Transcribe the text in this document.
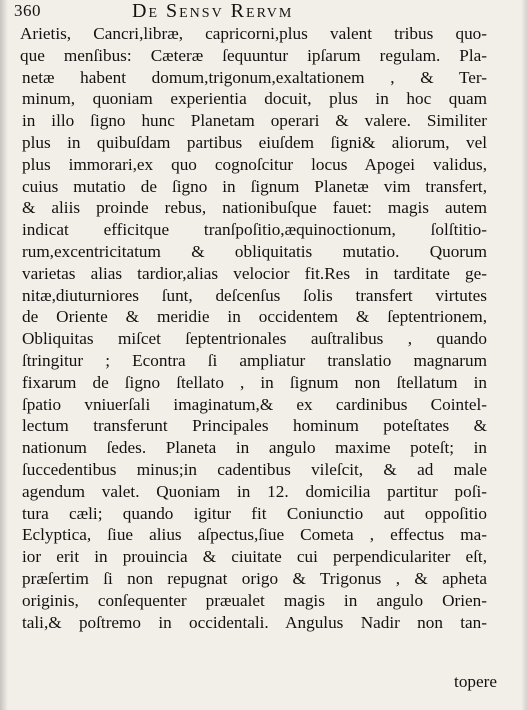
360	De Sensv Rervm
Arietis, Cancri,libræ, capricorni,plus valent tribus quo-
que menſibus: Cæteræ ſequuntur ipſarum regulam. Pla-
netæ habent domum,trigonum,exaltationem , & Ter-
minum, quoniam experientia docuit, plus in hoc quam
in illo ſigno hunc Planetam operari & valere. Similiter
plus in quibuſdam partibus eiuſdem ſigni& aliorum, vel
plus immorari,ex quo cognoſcitur locus Apogei validus,
cuius mutatio de ſigno in ſignum Planetæ vim transfert,
& aliis proinde rebus, nationibuſque fauet: magis autem
indicat efficitque tranſpoſitio,æquinoctionum, ſolſtitio-
rum,excentricitatum & obliquitatis mutatio. Quorum
varietas alias tardior,alias velocior fit.Res in tarditate ge-
nitæ,diuturniores ſunt, deſcenſus ſolis transfert virtutes
de Oriente & meridie in occidentem & ſeptentrionem,
Obliquitas miſcet ſeptentrionales auſtralibus , quando
ſtringitur ; Econtra ſi ampliatur translatio magnarum
fixarum de ſigno ſtellato , in ſignum non ſtellatum in
ſpatio vniuerſali imaginatum,& ex cardinibus Cointel-
lectum transferunt Principales hominum poteſtates &
nationum ſedes. Planeta in angulo maxime poteſt; in
ſuccedentibus minus;in cadentibus vileſcit, & ad male
agendum valet. Quoniam in 12. domicilia partitur poſi-
tura cæli; quando igitur fit Coniunctio aut oppoſitio
Eclyptica, ſiue alius aſpectus,ſiue Cometa , effectus ma-
ior erit in prouincia & ciuitate cui perpendiculariter eſt,
præſertim ſi non repugnat origo & Trigonus , & apheta
originis, conſequenter præualet magis in angulo Orien-
tali,& poſtremo in occidentali. Angulus Nadir non tan-
topere
